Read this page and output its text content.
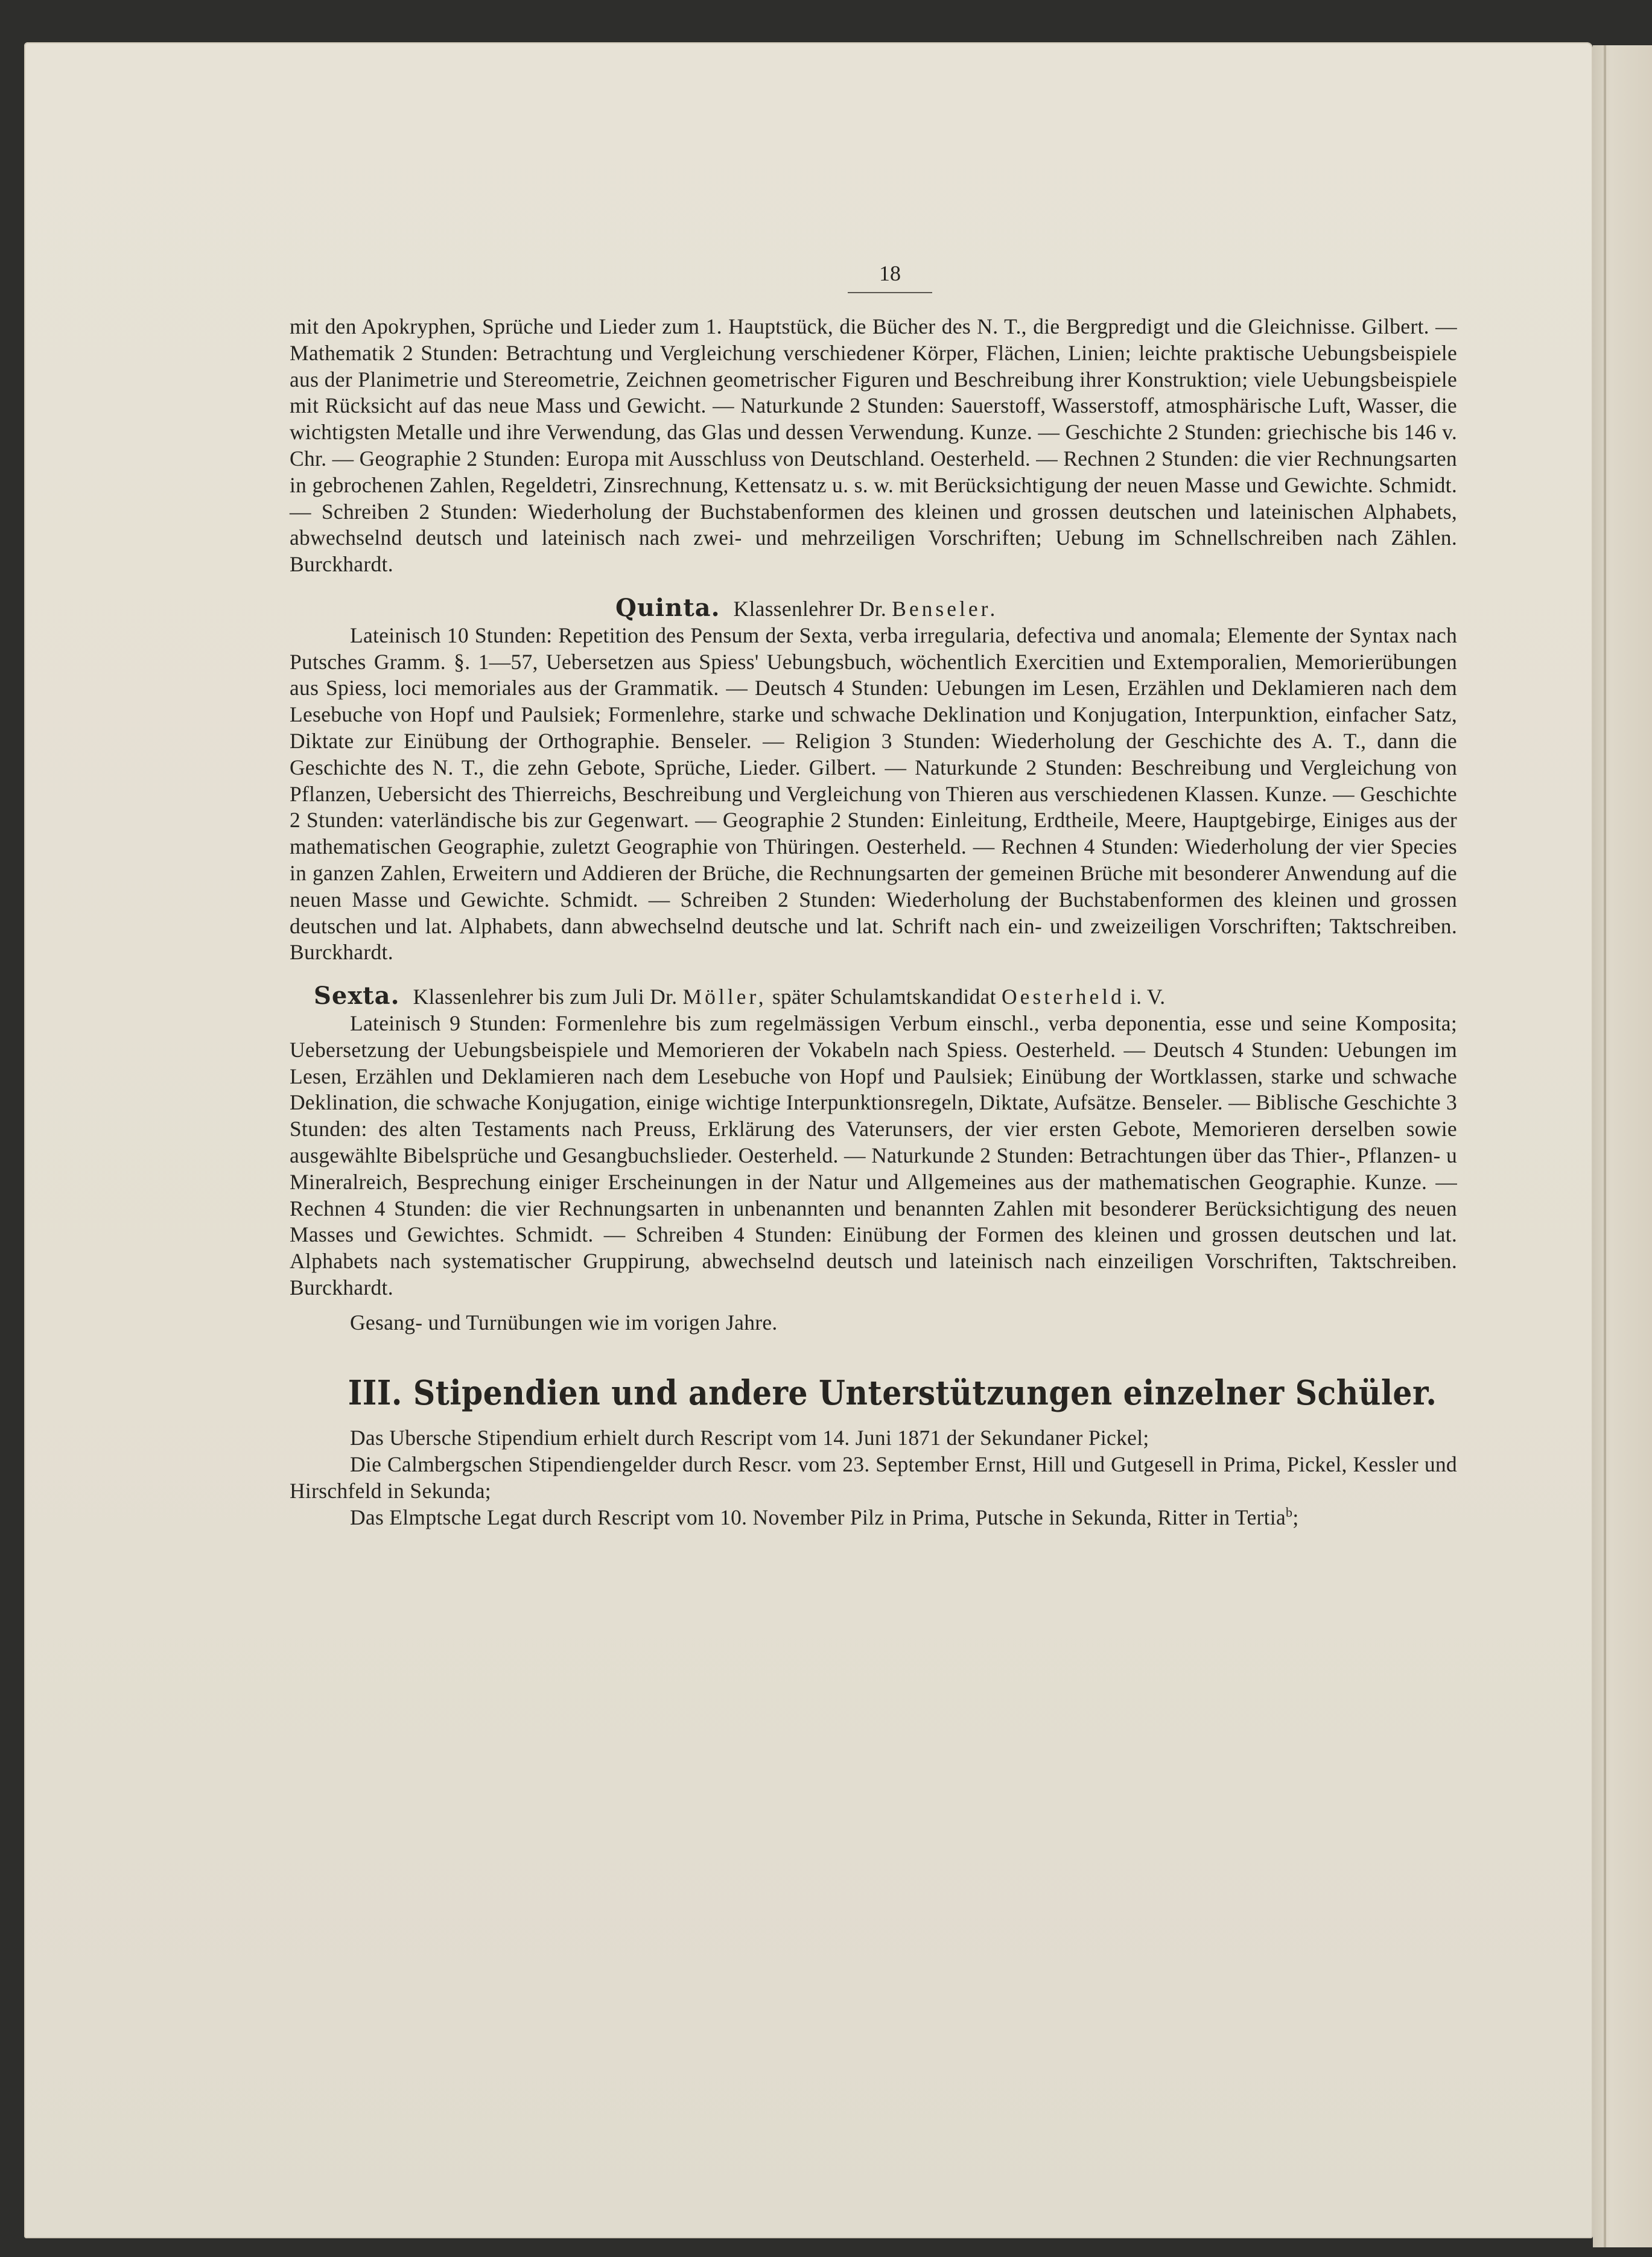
18

mit den Apokryphen, Sprüche und Lieder zum 1. Hauptstück, die Bücher des N. T., die Bergpredigt und die Gleichnisse. Gilbert. — Mathematik 2 Stunden: Betrachtung und Vergleichung verschiedener Körper, Flächen, Linien; leichte praktische Uebungsbeispiele aus der Planimetrie und Stereometrie, Zeichnen geometrischer Figuren und Beschreibung ihrer Konstruktion; viele Uebungsbeispiele mit Rücksicht auf das neue Mass und Gewicht. — Naturkunde 2 Stunden: Sauerstoff, Wasserstoff, atmosphärische Luft, Wasser, die wichtigsten Metalle und ihre Verwendung, das Glas und dessen Verwendung. Kunze. — Geschichte 2 Stunden: griechische bis 146 v. Chr. — Geographie 2 Stunden: Europa mit Ausschluss von Deutschland. Oesterheld. — Rechnen 2 Stunden: die vier Rechnungsarten in gebrochenen Zahlen, Regeldetri, Zinsrechnung, Kettensatz u. s. w. mit Berücksichtigung der neuen Masse und Gewichte. Schmidt. — Schreiben 2 Stunden: Wiederholung der Buchstabenformen des kleinen und grossen deutschen und lateinischen Alphabets, abwechselnd deutsch und lateinisch nach zwei- und mehrzeiligen Vorschriften; Uebung im Schnellschreiben nach Zählen. Burckhardt.

Quinta. Klassenlehrer Dr. Benseler.

Lateinisch 10 Stunden: Repetition des Pensum der Sexta, verba irregularia, defectiva und anomala; Elemente der Syntax nach Putsches Gramm. §. 1—57, Uebersetzen aus Spiess' Uebungsbuch, wöchentlich Exercitien und Extemporalien, Memorierübungen aus Spiess, loci memoriales aus der Grammatik. — Deutsch 4 Stunden: Uebungen im Lesen, Erzählen und Deklamieren nach dem Lesebuche von Hopf und Paulsiek; Formenlehre, starke und schwache Deklination und Konjugation, Interpunktion, einfacher Satz, Diktate zur Einübung der Orthographie. Benseler. — Religion 3 Stunden: Wiederholung der Geschichte des A. T., dann die Geschichte des N. T., die zehn Gebote, Sprüche, Lieder. Gilbert. — Naturkunde 2 Stunden: Beschreibung und Vergleichung von Pflanzen, Uebersicht des Thierreichs, Beschreibung und Vergleichung von Thieren aus verschiedenen Klassen. Kunze. — Geschichte 2 Stunden: vaterländische bis zur Gegenwart. — Geographie 2 Stunden: Einleitung, Erdtheile, Meere, Hauptgebirge, Einiges aus der mathematischen Geographie, zuletzt Geographie von Thüringen. Oesterheld. — Rechnen 4 Stunden: Wiederholung der vier Species in ganzen Zahlen, Erweitern und Addieren der Brüche, die Rechnungsarten der gemeinen Brüche mit besonderer Anwendung auf die neuen Masse und Gewichte. Schmidt. — Schreiben 2 Stunden: Wiederholung der Buchstabenformen des kleinen und grossen deutschen und lat. Alphabets, dann abwechselnd deutsche und lat. Schrift nach ein- und zweizeiligen Vorschriften; Taktschreiben. Burckhardt.

Sexta. Klassenlehrer bis zum Juli Dr. Möller, später Schulamtskandidat Oesterheld i. V.

Lateinisch 9 Stunden: Formenlehre bis zum regelmässigen Verbum einschl., verba deponentia, esse und seine Komposita; Uebersetzung der Uebungsbeispiele und Memorieren der Vokabeln nach Spiess. Oesterheld. — Deutsch 4 Stunden: Uebungen im Lesen, Erzählen und Deklamieren nach dem Lesebuche von Hopf und Paulsiek; Einübung der Wortklassen, starke und schwache Deklination, die schwache Konjugation, einige wichtige Interpunktionsregeln, Diktate, Aufsätze. Benseler. — Biblische Geschichte 3 Stunden: des alten Testaments nach Preuss, Erklärung des Vaterunsers, der vier ersten Gebote, Memorieren derselben sowie ausgewählte Bibelsprüche und Gesangbuchslieder. Oesterheld. — Naturkunde 2 Stunden: Betrachtungen über das Thier-, Pflanzen- u Mineralreich, Besprechung einiger Erscheinungen in der Natur und Allgemeines aus der mathematischen Geographie. Kunze. — Rechnen 4 Stunden: die vier Rechnungsarten in unbenannten und benannten Zahlen mit besonderer Berücksichtigung des neuen Masses und Gewichtes. Schmidt. — Schreiben 4 Stunden: Einübung der Formen des kleinen und grossen deutschen und lat. Alphabets nach systematischer Gruppirung, abwechselnd deutsch und lateinisch nach einzeiligen Vorschriften, Taktschreiben. Burckhardt.

Gesang- und Turnübungen wie im vorigen Jahre.

III. Stipendien und andere Unterstützungen einzelner Schüler.

Das Ubersche Stipendium erhielt durch Rescript vom 14. Juni 1871 der Sekundaner Pickel;

Die Calmbergschen Stipendiengelder durch Rescr. vom 23. September Ernst, Hill und Gutgesell in Prima, Pickel, Kessler und Hirschfeld in Sekunda;

Das Elmptsche Legat durch Rescript vom 10. November Pilz in Prima, Putsche in Sekunda, Ritter in Tertia$^b$;
